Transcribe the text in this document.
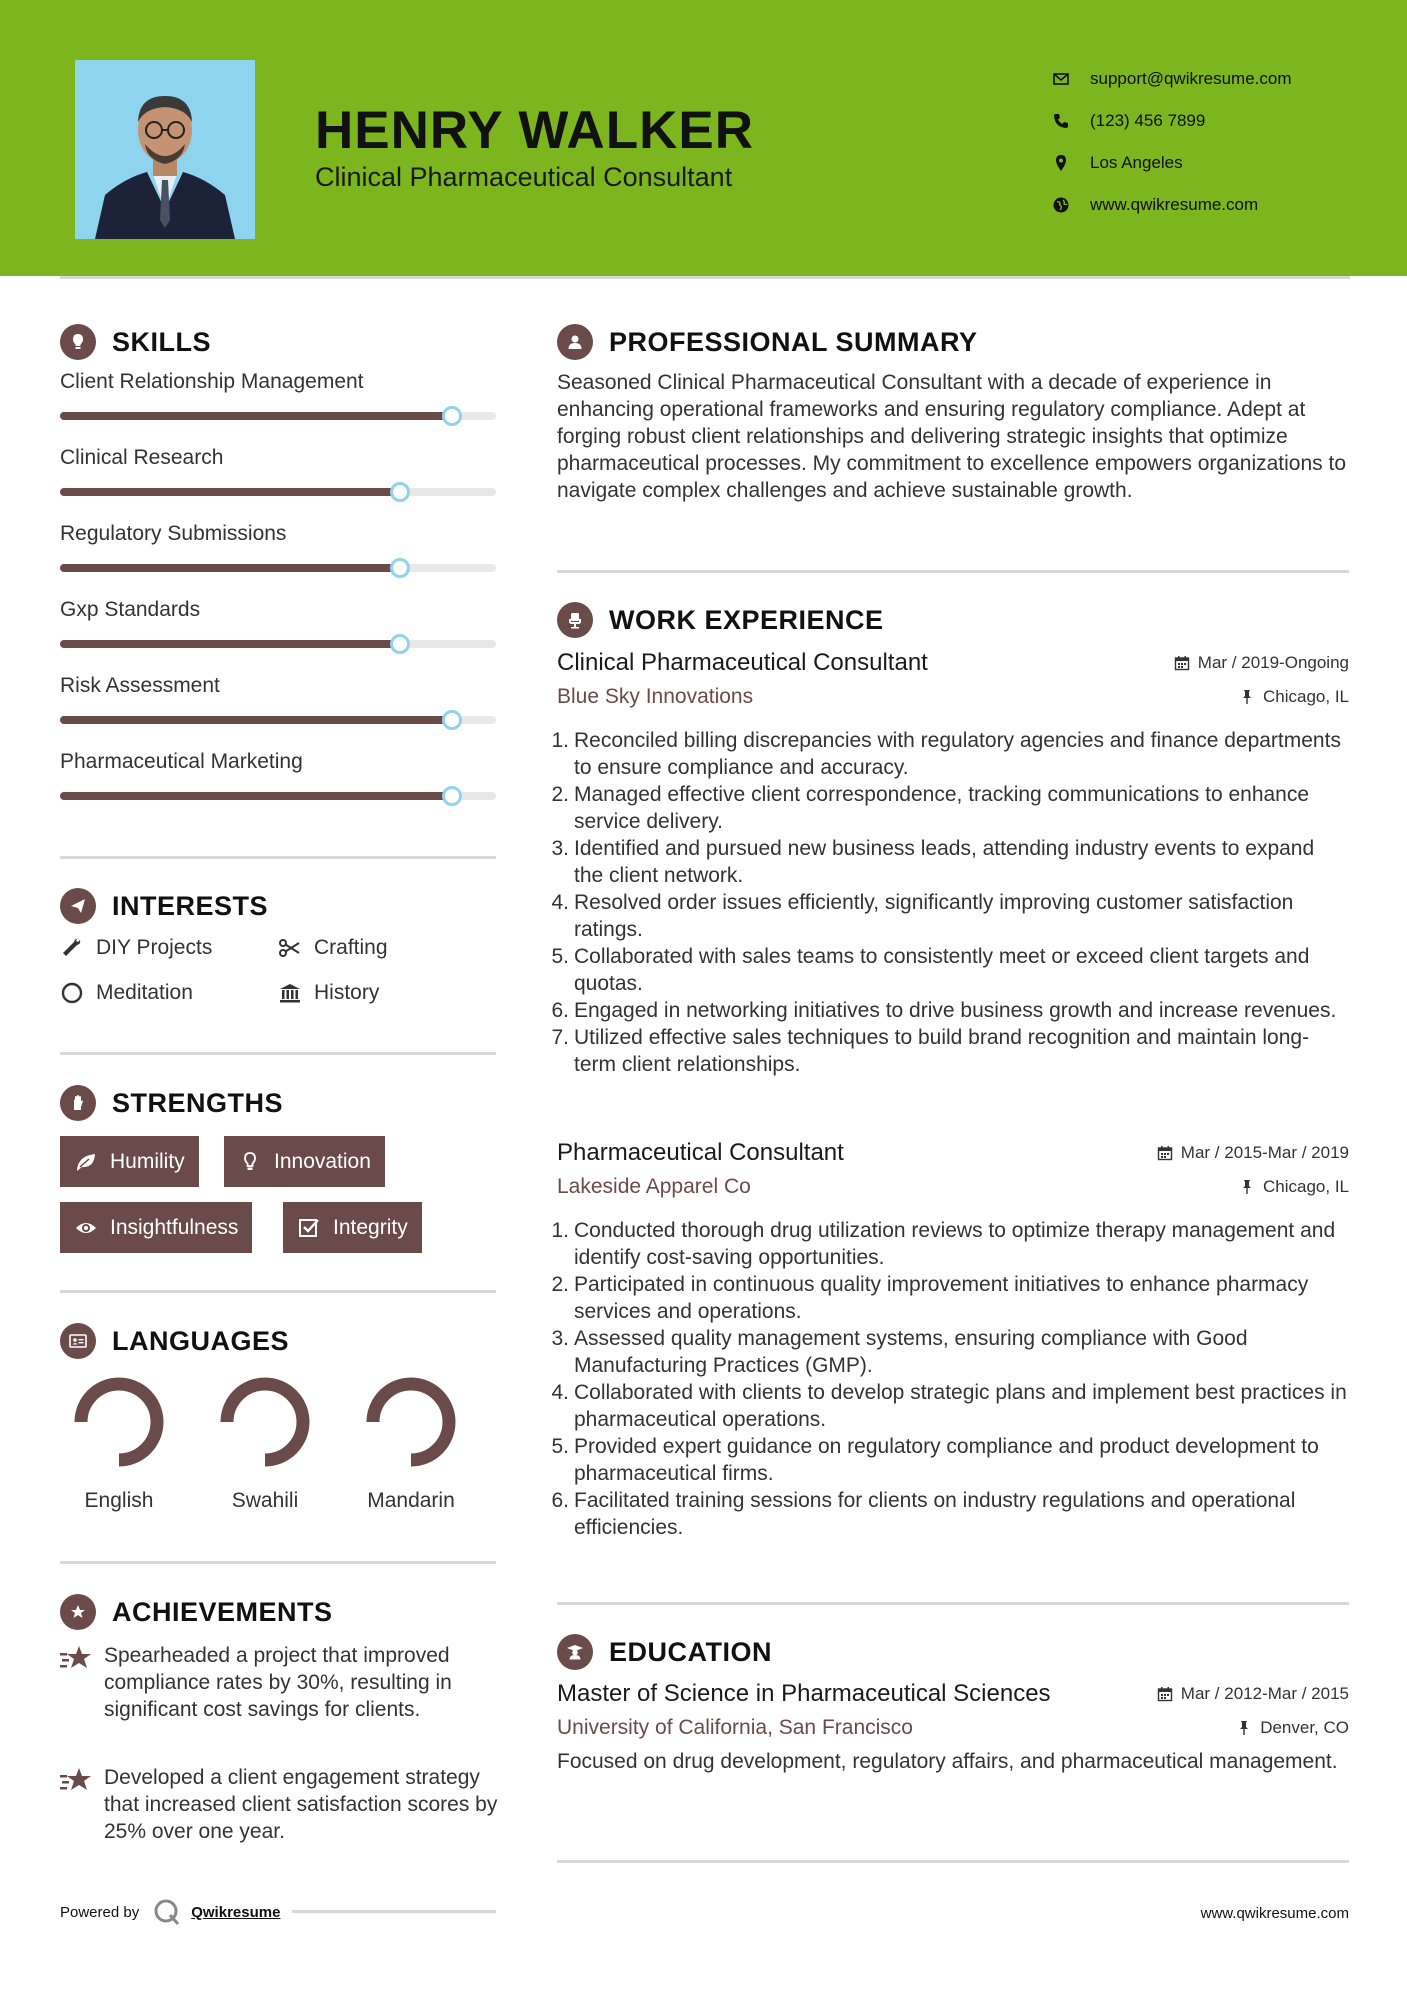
HENRY WALKER
Clinical Pharmaceutical Consultant
support@qwikresume.com
(123) 456 7899
Los Angeles
www.qwikresume.com
SKILLS
Client Relationship Management
Clinical Research
Regulatory Submissions
Gxp Standards
Risk Assessment
Pharmaceutical Marketing
INTERESTS
DIY Projects	Crafting
Meditation	History
STRENGTHS
Humility	Innovation
Insightfulness	Integrity
LANGUAGES
English	Swahili	Mandarin
ACHIEVEMENTS
Spearheaded a project that improved compliance rates by 30%, resulting in significant cost savings for clients.
Developed a client engagement strategy that increased client satisfaction scores by 25% over one year.
Powered by	Qwikresume
PROFESSIONAL SUMMARY
Seasoned Clinical Pharmaceutical Consultant with a decade of experience in enhancing operational frameworks and ensuring regulatory compliance. Adept at forging robust client relationships and delivering strategic insights that optimize pharmaceutical processes. My commitment to excellence empowers organizations to navigate complex challenges and achieve sustainable growth.
WORK EXPERIENCE
Clinical Pharmaceutical Consultant	Mar / 2019-Ongoing
Blue Sky Innovations	Chicago, IL
1. Reconciled billing discrepancies with regulatory agencies and finance departments to ensure compliance and accuracy.
2. Managed effective client correspondence, tracking communications to enhance service delivery.
3. Identified and pursued new business leads, attending industry events to expand the client network.
4. Resolved order issues efficiently, significantly improving customer satisfaction ratings.
5. Collaborated with sales teams to consistently meet or exceed client targets and quotas.
6. Engaged in networking initiatives to drive business growth and increase revenues.
7. Utilized effective sales techniques to build brand recognition and maintain long-term client relationships.
Pharmaceutical Consultant	Mar / 2015-Mar / 2019
Lakeside Apparel Co	Chicago, IL
1. Conducted thorough drug utilization reviews to optimize therapy management and identify cost-saving opportunities.
2. Participated in continuous quality improvement initiatives to enhance pharmacy services and operations.
3. Assessed quality management systems, ensuring compliance with Good Manufacturing Practices (GMP).
4. Collaborated with clients to develop strategic plans and implement best practices in pharmaceutical operations.
5. Provided expert guidance on regulatory compliance and product development to pharmaceutical firms.
6. Facilitated training sessions for clients on industry regulations and operational efficiencies.
EDUCATION
Master of Science in Pharmaceutical Sciences	Mar / 2012-Mar / 2015
University of California, San Francisco	Denver, CO
Focused on drug development, regulatory affairs, and pharmaceutical management.
www.qwikresume.com
